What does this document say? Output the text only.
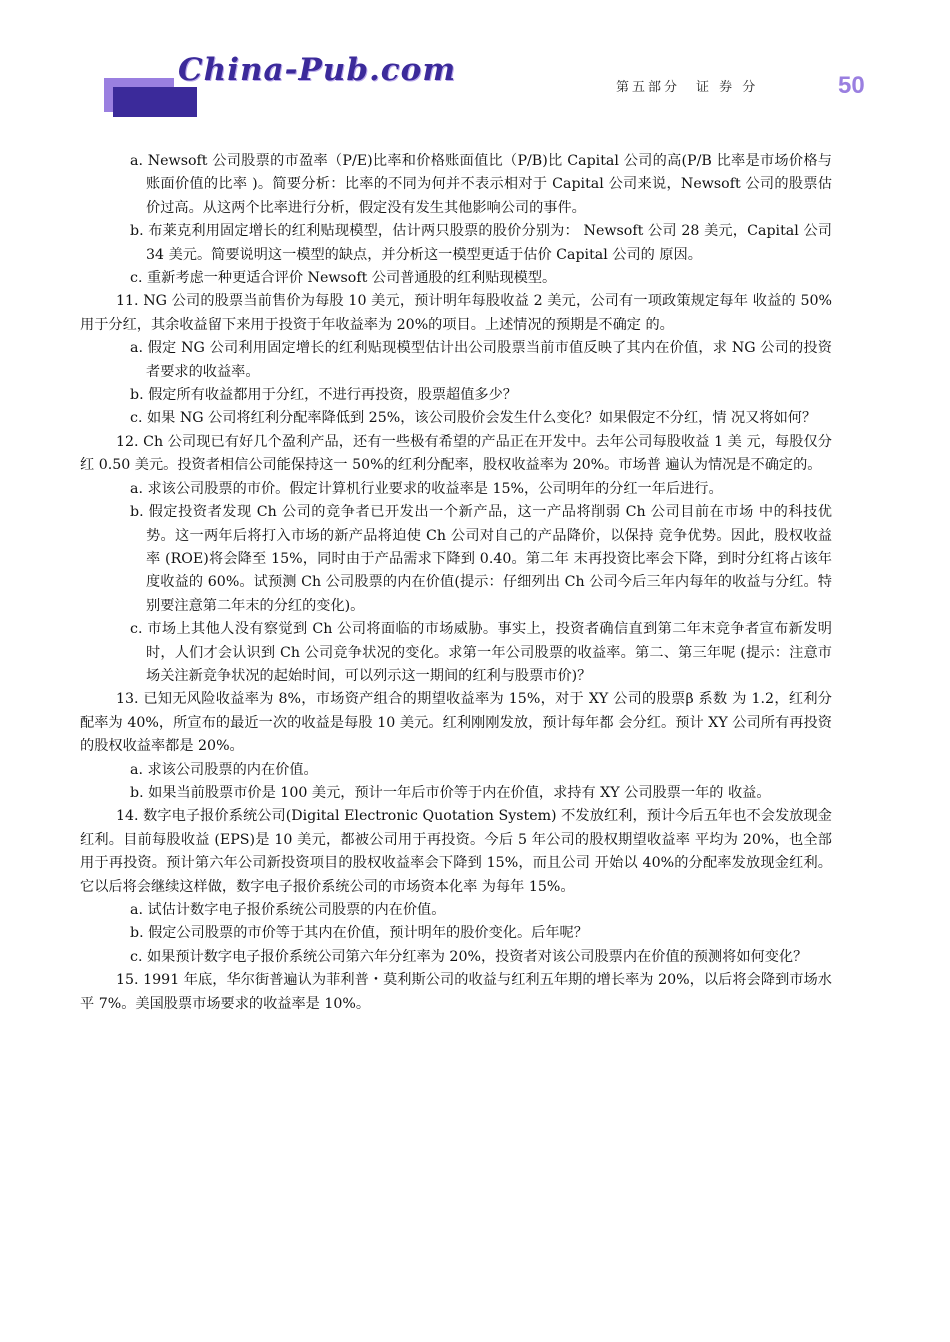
China-Pub.com	第五部分　证 券 分	50

a. Newsoft 公司股票的市盈率（P/E)比率和价格账面值比（P/B)比 Capital 公司的高(P/B 比率是市场价格与账面价值的比率 )。简要分析：比率的不同为何并不表示相对于 Capital 公司来说，Newsoft 公司的股票估价过高。从这两个比率进行分析，假定没有发生其他影响公司的事件。

b. 布莱克利用固定增长的红利贴现模型，估计两只股票的股价分别为： Newsoft 公司 28 美元，Capital 公司 34 美元。简要说明这一模型的缺点，并分析这一模型更适于估价 Capital 公司的 原因。

c. 重新考虑一种更适合评价 Newsoft 公司普通股的红利贴现模型。

11. NG 公司的股票当前售价为每股 10 美元，预计明年每股收益 2 美元，公司有一项政策规定每年 收益的 50%用于分红，其余收益留下来用于投资于年收益率为 20%的项目。上述情况的预期是不确定 的。

a. 假定 NG 公司利用固定增长的红利贴现模型估计出公司股票当前市值反映了其内在价值，求 NG 公司的投资者要求的收益率。

b. 假定所有收益都用于分红，不进行再投资，股票超值多少？

c. 如果 NG 公司将红利分配率降低到 25%，该公司股价会发生什么变化？如果假定不分红，情 况又将如何？

12. Ch 公司现已有好几个盈利产品，还有一些极有希望的产品正在开发中。去年公司每股收益 1 美 元，每股仅分红 0.50 美元。投资者相信公司能保持这一 50%的红利分配率，股权收益率为 20%。市场普 遍认为情况是不确定的。

a. 求该公司股票的市价。假定计算机行业要求的收益率是 15%，公司明年的分红一年后进行。

b. 假定投资者发现 Ch 公司的竞争者已开发出一个新产品，这一产品将削弱 Ch 公司目前在市场 中的科技优势。这一两年后将打入市场的新产品将迫使 Ch 公司对自己的产品降价，以保持 竞争优势。因此，股权收益率 (ROE)将会降至 15%，同时由于产品需求下降到 0.40。第二年 末再投资比率会下降，到时分红将占该年度收益的 60%。试预测 Ch 公司股票的内在价值(提示：仔细列出 Ch 公司今后三年内每年的收益与分红。特别要注意第二年末的分红的变化)。

c. 市场上其他人没有察觉到 Ch 公司将面临的市场威胁。事实上，投资者确信直到第二年末竞争者宣布新发明时，人们才会认识到 Ch 公司竞争状况的变化。求第一年公司股票的收益率。第二、第三年呢 (提示：注意市场关注新竞争状况的起始时间，可以列示这一期间的红利与股票市价)？

13. 已知无风险收益率为 8%，市场资产组合的期望收益率为 15%，对于 XY 公司的股票β 系数 为 1.2，红利分配率为 40%，所宣布的最近一次的收益是每股 10 美元。红利刚刚发放，预计每年都 会分红。预计 XY 公司所有再投资的股权收益率都是 20%。

a. 求该公司股票的内在价值。

b. 如果当前股票市价是 100 美元，预计一年后市价等于内在价值，求持有 XY 公司股票一年的 收益。

14. 数字电子报价系统公司(Digital Electronic Quotation System) 不发放红利，预计今后五年也不会发放现金红利。目前每股收益 (EPS)是 10 美元，都被公司用于再投资。今后 5 年公司的股权期望收益率 平均为 20%，也全部用于再投资。预计第六年公司新投资项目的股权收益率会下降到 15%，而且公司 开始以 40%的分配率发放现金红利。它以后将会继续这样做，数字电子报价系统公司的市场资本化率 为每年 15%。

a. 试估计数字电子报价系统公司股票的内在价值。

b. 假定公司股票的市价等于其内在价值，预计明年的股价变化。后年呢？

c. 如果预计数字电子报价系统公司第六年分红率为 20%，投资者对该公司股票内在价值的预测将如何变化？

15. 1991 年底，华尔街普遍认为菲利普・莫利斯公司的收益与红利五年期的增长率为 20%，以后将会降到市场水平 7%。美国股票市场要求的收益率是 10%。
